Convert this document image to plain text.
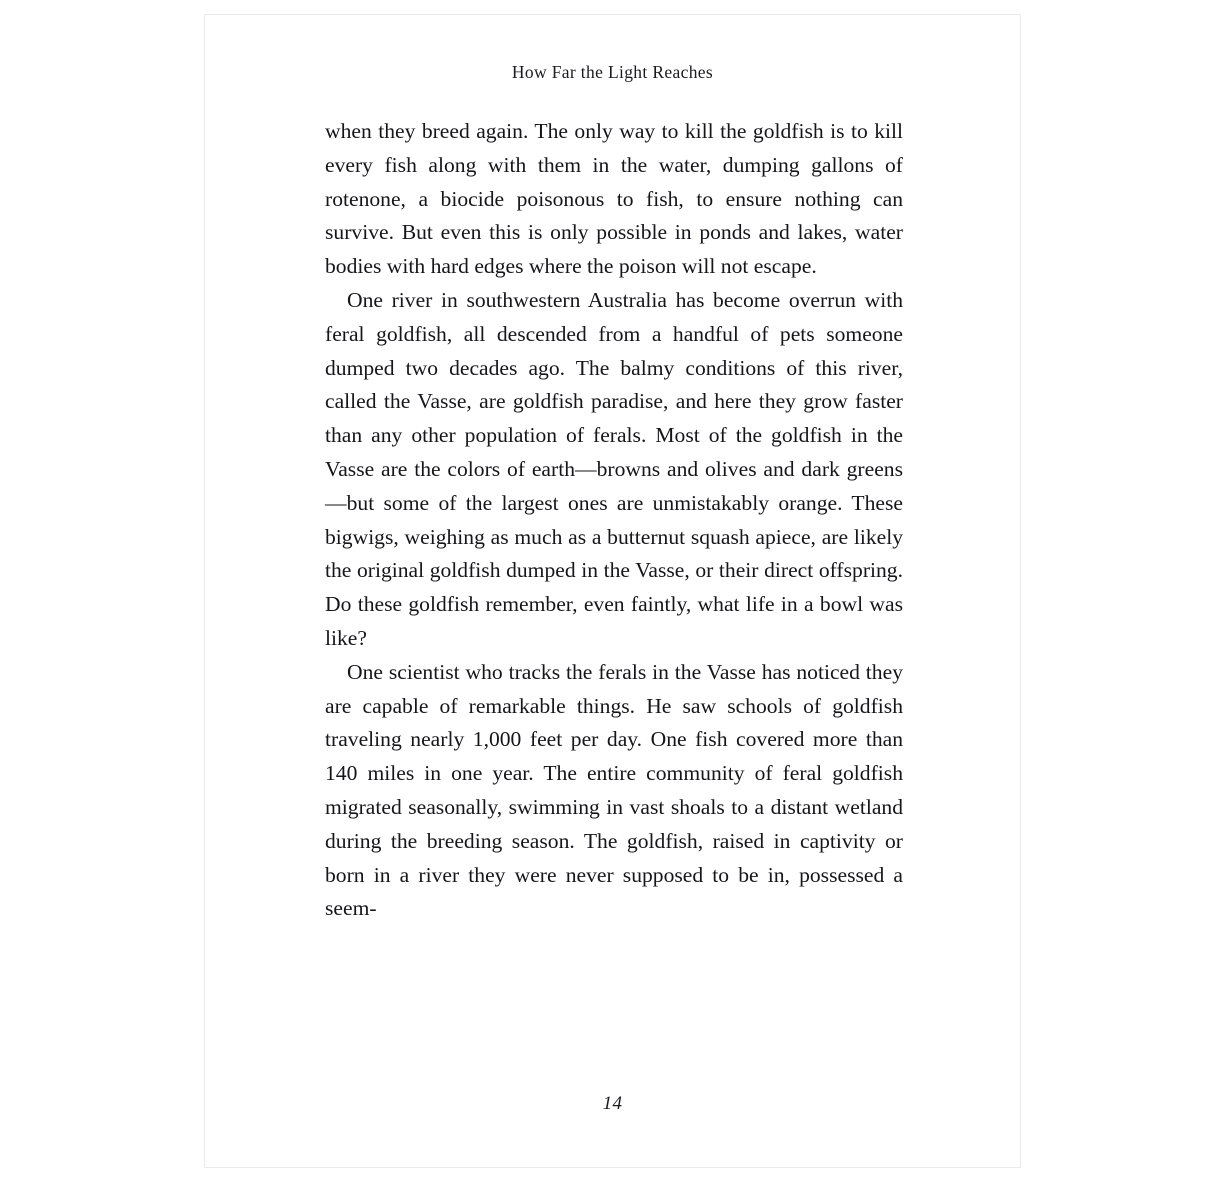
How Far the Light Reaches

when they breed again. The only way to kill the goldfish is to kill every fish along with them in the water, dumping gallons of rotenone, a biocide poisonous to fish, to ensure nothing can survive. But even this is only possible in ponds and lakes, water bodies with hard edges where the poison will not escape.

One river in southwestern Australia has become overrun with feral goldfish, all descended from a handful of pets someone dumped two decades ago. The balmy conditions of this river, called the Vasse, are goldfish paradise, and here they grow faster than any other population of ferals. Most of the goldfish in the Vasse are the colors of earth—browns and olives and dark greens—but some of the largest ones are unmistakably orange. These bigwigs, weighing as much as a butternut squash apiece, are likely the original goldfish dumped in the Vasse, or their direct offspring. Do these goldfish remember, even faintly, what life in a bowl was like?

One scientist who tracks the ferals in the Vasse has noticed they are capable of remarkable things. He saw schools of goldfish traveling nearly 1,000 feet per day. One fish covered more than 140 miles in one year. The entire community of feral goldfish migrated seasonally, swimming in vast shoals to a distant wetland during the breeding season. The goldfish, raised in captivity or born in a river they were never supposed to be in, possessed a seem-

14
